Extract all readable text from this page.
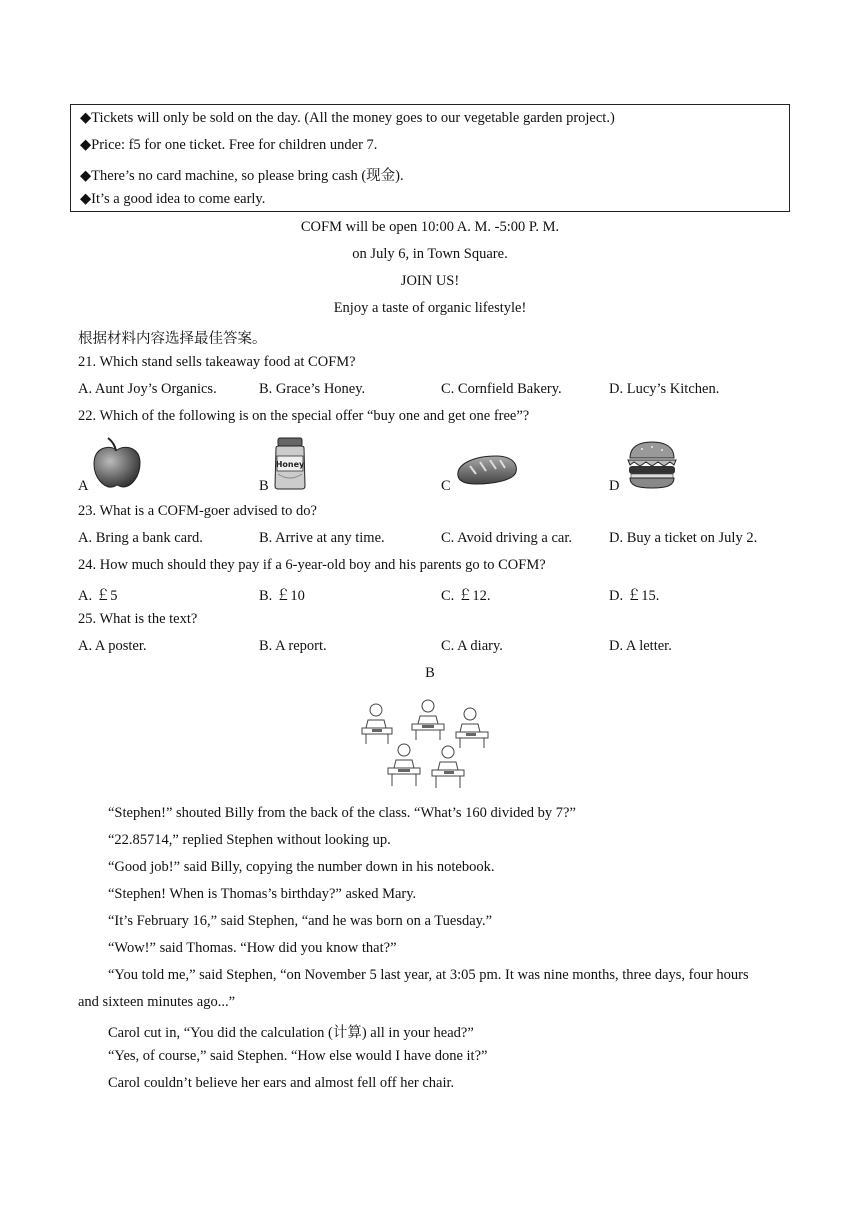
◆Tickets will only be sold on the day. (All the money goes to our vegetable garden project.)
◆Price: f5 for one ticket. Free for children under 7.
◆There’s no card machine, so please bring cash (现金).
◆It’s a good idea to come early.
COFM will be open 10:00 A. M. -5:00 P. M.
on July 6, in Town Square.
JOIN US!
Enjoy a taste of organic lifestyle!
根据材料内容选择最佳答案。
21. Which stand sells takeaway food at COFM?
A. Aunt Joy’s Organics.	B. Grace’s Honey.	C. Cornfield Bakery.	D. Lucy’s Kitchen.
22. Which of the following is on the special offer “buy one and get one free”?
A
Honey
B	C	D
23. What is a COFM-goer advised to do?
A. Bring a bank card.	B. Arrive at any time.	C. Avoid driving a car.	D. Buy a ticket on July 2.
24. How much should they pay if a 6-year-old boy and his parents go to COFM?
A. ￡5	B. ￡10	C. ￡12.	D. ￡15.
25. What is the text?
A. A poster.	B. A report.	C. A diary.	D. A letter.
B
“Stephen!” shouted Billy from the back of the class. “What’s 160 divided by 7?”
“22.85714,” replied Stephen without looking up.
“Good job!” said Billy, copying the number down in his notebook.
“Stephen! When is Thomas’s birthday?” asked Mary.
“It’s February 16,” said Stephen, “and he was born on a Tuesday.”
“Wow!” said Thomas. “How did you know that?”
“You told me,” said Stephen, “on November 5 last year, at 3:05 pm. It was nine months, three days, four hours
and sixteen minutes ago...”
Carol cut in, “You did the calculation (计算) all in your head?”
“Yes, of course,” said Stephen. “How else would I have done it?”
Carol couldn’t believe her ears and almost fell off her chair.
